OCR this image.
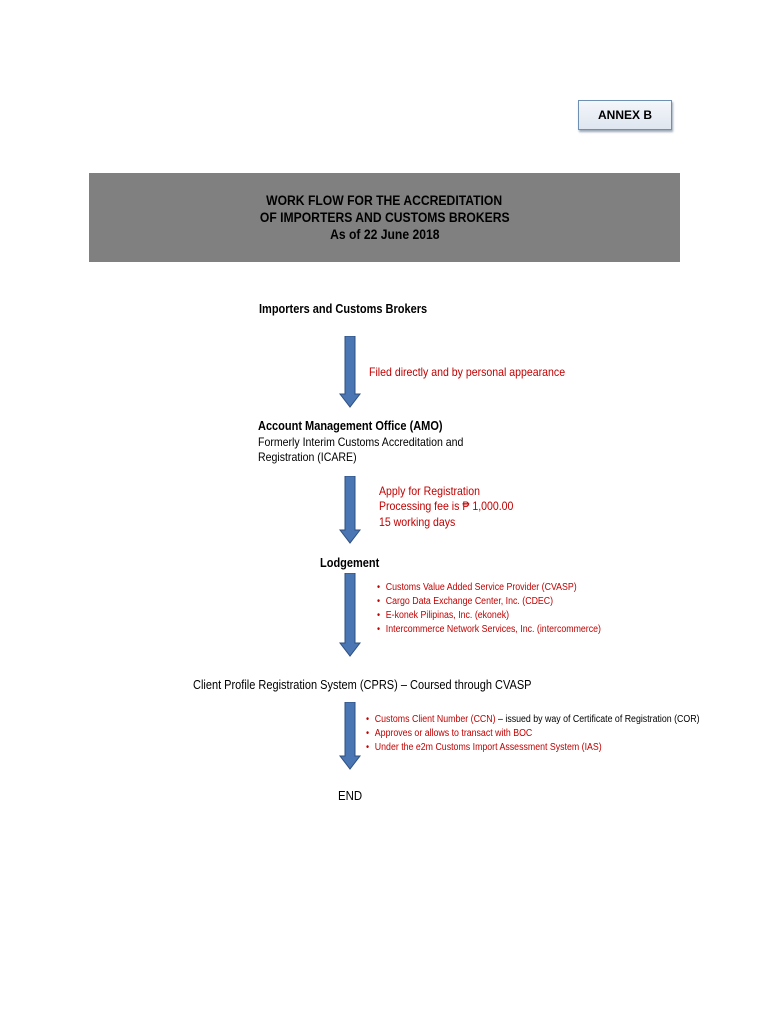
ANNEX B
WORK FLOW FOR THE ACCREDITATION
OF IMPORTERS AND CUSTOMS BROKERS
As of 22 June 2018
Importers and Customs Brokers
Filed directly and by personal appearance
Account Management Office (AMO)
Formerly Interim Customs Accreditation and
Registration (ICARE)
Apply for Registration
Processing fee is ₱ 1,000.00
15 working days
Lodgement
• Customs Value Added Service Provider (CVASP)
• Cargo Data Exchange Center, Inc. (CDEC)
• E-konek Pilipinas, Inc. (ekonek)
• Intercommerce Network Services, Inc. (intercommerce)
Client Profile Registration System (CPRS) – Coursed through CVASP
• Customs Client Number (CCN) – issued by way of Certificate of Registration (COR)
• Approves or allows to transact with BOC
• Under the e2m Customs Import Assessment System (IAS)
END
